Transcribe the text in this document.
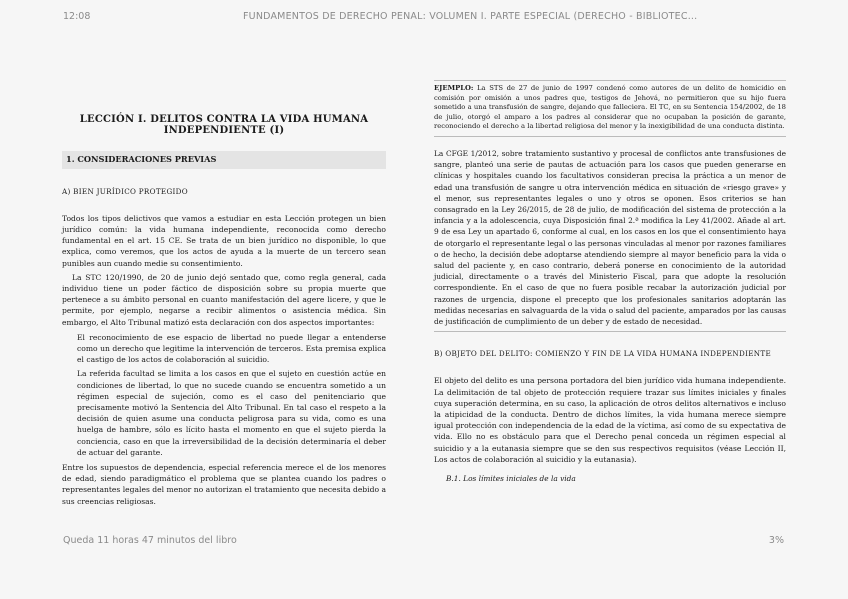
12:08	FUNDAMENTOS DE DERECHO PENAL: VOLUMEN I. PARTE ESPECIAL (DERECHO - BIBLIOTEC...
LECCIÓN I. DELITOS CONTRA LA VIDA HUMANA INDEPENDIENTE (I)
1. CONSIDERACIONES PREVIAS
A) BIEN JURÍDICO PROTEGIDO

Todos los tipos delictivos que vamos a estudiar en esta Lección protegen un bien jurídico común: la vida humana independiente, reconocida como derecho fundamental en el art. 15 CE. Se trata de un bien jurídico no disponible, lo que explica, como veremos, que los actos de ayuda a la muerte de un tercero sean punibles aun cuando medie su consentimiento.

La STC 120/1990, de 20 de junio dejó sentado que, como regla general, cada individuo tiene un poder fáctico de disposición sobre su propia muerte que pertenece a su ámbito personal en cuanto manifestación del agere licere, y que le permite, por ejemplo, negarse a recibir alimentos o asistencia médica. Sin embargo, el Alto Tribunal matizó esta declaración con dos aspectos importantes:

El reconocimiento de ese espacio de libertad no puede llegar a entenderse como un derecho que legitime la intervención de terceros. Esta premisa explica el castigo de los actos de colaboración al suicidio.
La referida facultad se limita a los casos en que el sujeto en cuestión actúe en condiciones de libertad, lo que no sucede cuando se encuentra sometido a un régimen especial de sujeción, como es el caso del penitenciario que precisamente motivó la Sentencia del Alto Tribunal. En tal caso el respeto a la decisión de quien asume una conducta peligrosa para su vida, como es una huelga de hambre, sólo es lícito hasta el momento en que el sujeto pierda la conciencia, caso en que la irreversibilidad de la decisión determinaría el deber de actuar del garante.

Entre los supuestos de dependencia, especial referencia merece el de los menores de edad, siendo paradigmático el problema que se plantea cuando los padres o representantes legales del menor no autorizan el tratamiento que necesita debido a sus creencias religiosas.

EJEMPLO: La STS de 27 de junio de 1997 condenó como autores de un delito de homicidio en comisión por omisión a unos padres que, testigos de Jehová, no permitieron que su hijo fuera sometido a una transfusión de sangre, dejando que falleciera. El TC, en su Sentencia 154/2002, de 18 de julio, otorgó el amparo a los padres al considerar que no ocupaban la posición de garante, reconociendo el derecho a la libertad religiosa del menor y la inexigibilidad de una conducta distinta.
La CFGE 1/2012, sobre tratamiento sustantivo y procesal de conflictos ante transfusiones de sangre, planteó una serie de pautas de actuación para los casos que pueden generarse en clínicas y hospitales cuando los facultativos consideran precisa la práctica a un menor de edad una transfusión de sangre u otra intervención médica en situación de «riesgo grave» y el menor, sus representantes legales o uno y otros se oponen. Esos criterios se han consagrado en la Ley 26/2015, de 28 de julio, de modificación del sistema de protección a la infancia y a la adolescencia, cuya Disposición final 2.ª modifica la Ley 41/2002. Añade al art. 9 de esa Ley un apartado 6, conforme al cual, en los casos en los que el consentimiento haya de otorgarlo el representante legal o las personas vinculadas al menor por razones familiares o de hecho, la decisión debe adoptarse atendiendo siempre al mayor beneficio para la vida o salud del paciente y, en caso contrario, deberá ponerse en conocimiento de la autoridad judicial, directamente o a través del Ministerio Fiscal, para que adopte la resolución correspondiente. En el caso de que no fuera posible recabar la autorización judicial por razones de urgencia, dispone el precepto que los profesionales sanitarios adoptarán las medidas necesarias en salvaguarda de la vida o salud del paciente, amparados por las causas de justificación de cumplimiento de un deber y de estado de necesidad.
B) OBJETO DEL DELITO: COMIENZO Y FIN DE LA VIDA HUMANA INDEPENDIENTE

El objeto del delito es una persona portadora del bien jurídico vida humana independiente. La delimitación de tal objeto de protección requiere trazar sus límites iniciales y finales cuya superación determina, en su caso, la aplicación de otros delitos alternativos e incluso la atipicidad de la conducta. Dentro de dichos límites, la vida humana merece siempre igual protección con independencia de la edad de la víctima, así como de su expectativa de vida. Ello no es obstáculo para que el Derecho penal conceda un régimen especial al suicidio y a la eutanasia siempre que se den sus respectivos requisitos (véase Lección II, Los actos de colaboración al suicidio y la eutanasia).

B.1. Los límites iniciales de la vida
Queda 11 horas 47 minutos del libro	3%
